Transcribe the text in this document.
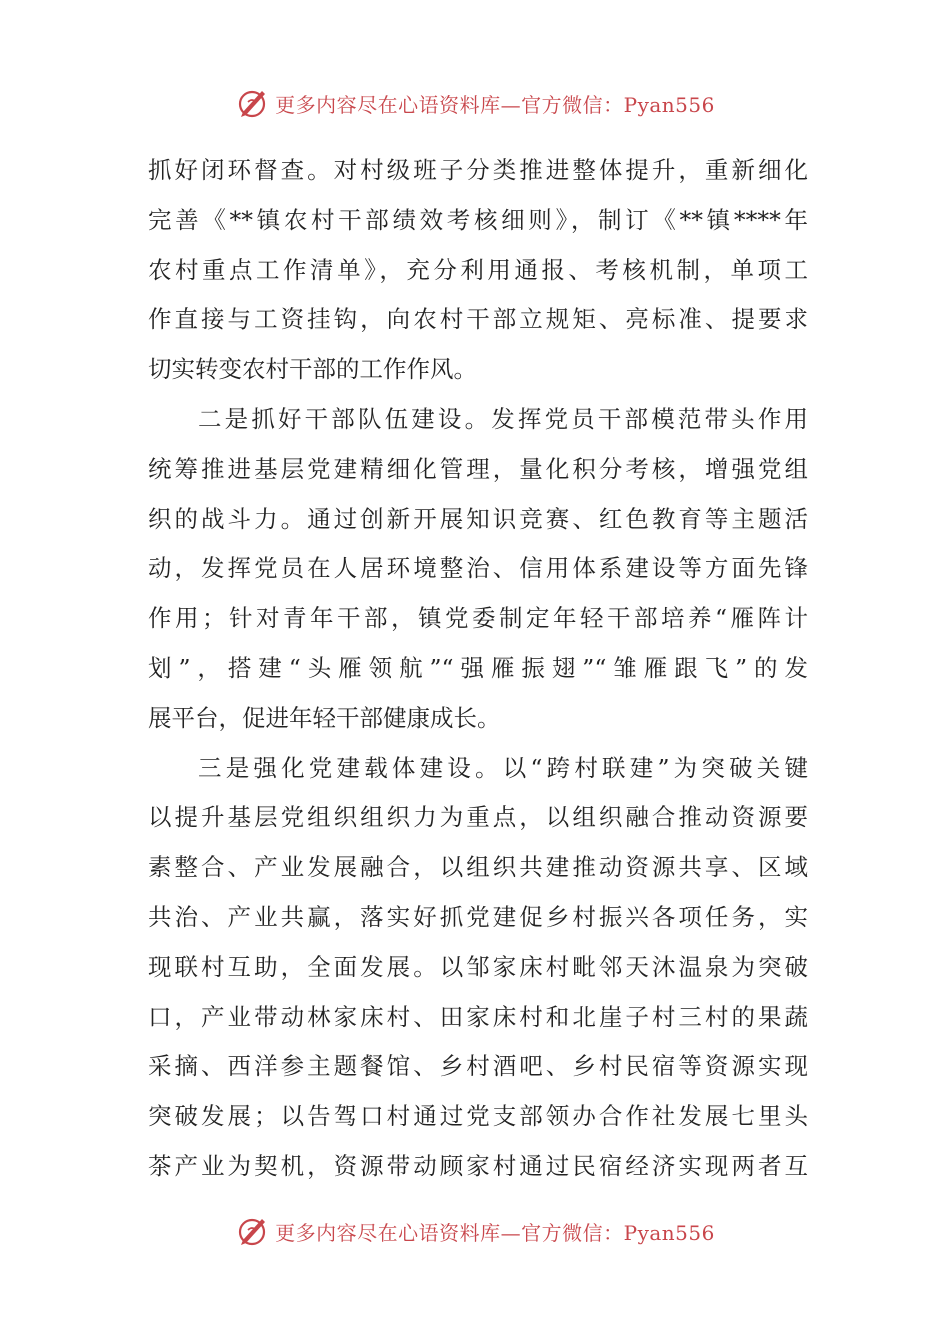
更多内容尽在心语资料库—官方微信：Pyan556
抓好闭环督查。对村级班子分类推进整体提升，重新细化
完善《**镇农村干部绩效考核细则》，制订《**镇****年
农村重点工作清单》，充分利用通报、考核机制，单项工
作直接与工资挂钩，向农村干部立规矩、亮标准、提要求
切实转变农村干部的工作作风。
二是抓好干部队伍建设。发挥党员干部模范带头作用
统筹推进基层党建精细化管理，量化积分考核，增强党组
织的战斗力。通过创新开展知识竞赛、红色教育等主题活
动，发挥党员在人居环境整治、信用体系建设等方面先锋
作用；针对青年干部，镇党委制定年轻干部培养“雁阵计
划”，搭建“头雁领航”“强雁振翅”“雏雁跟飞”的发
展平台，促进年轻干部健康成长。
三是强化党建载体建设。以“跨村联建”为突破关键
以提升基层党组织组织力为重点，以组织融合推动资源要
素整合、产业发展融合，以组织共建推动资源共享、区域
共治、产业共赢，落实好抓党建促乡村振兴各项任务，实
现联村互助，全面发展。以邹家床村毗邻天沐温泉为突破
口，产业带动林家床村、田家床村和北崖子村三村的果蔬
采摘、西洋参主题餐馆、乡村酒吧、乡村民宿等资源实现
突破发展；以告驾口村通过党支部领办合作社发展七里头
茶产业为契机，资源带动顾家村通过民宿经济实现两者互
更多内容尽在心语资料库—官方微信：Pyan556
